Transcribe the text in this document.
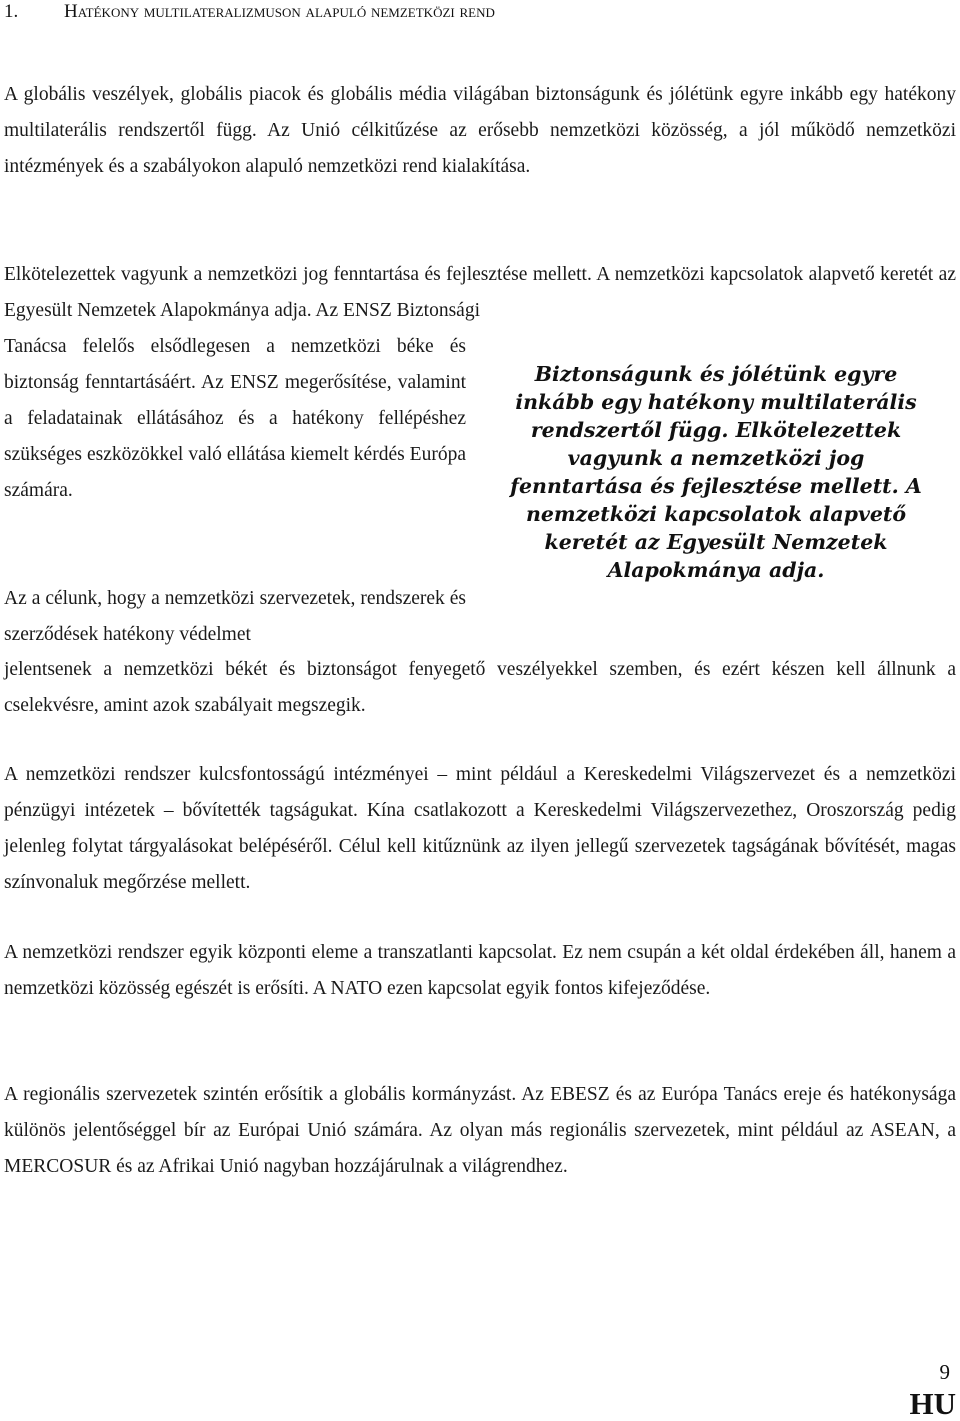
1. Hatékony multilateralizmuson alapuló nemzetközi rend

A globális veszélyek, globális piacok és globális média világában biztonságunk és jólétünk egyre inkább egy hatékony multilaterális rendszertől függ. Az Unió célkitűzése az erősebb nemzetközi közösség, a jól működő nemzetközi intézmények és a szabályokon alapuló nemzetközi rend kialakítása.

Elkötelezettek vagyunk a nemzetközi jog fenntartása és fejlesztése mellett. A nemzetközi kapcsolatok alapvető keretét az Egyesült Nemzetek Alapokmánya adja. Az ENSZ Biztonsági

Tanácsa felelős elsődlegesen a nemzetközi béke és biztonság fenntartásáért. Az ENSZ megerősítése, valamint a feladatainak ellátásához és a hatékony fellépéshez szükséges eszközökkel való ellátása kiemelt kérdés Európa számára.

Az a célunk, hogy a nemzetközi szervezetek, rendszerek és szerződések hatékony védelmet

jelentsenek a nemzetközi békét és biztonságot fenyegető veszélyekkel szemben, és ezért készen kell állnunk a cselekvésre, amint azok szabályait megszegik.

A nemzetközi rendszer kulcsfontosságú intézményei – mint például a Kereskedelmi Világszervezet és a nemzetközi pénzügyi intézetek – bővítették tagságukat. Kína csatlakozott a Kereskedelmi Világszervezethez, Oroszország pedig jelenleg folytat tárgyalásokat belépéséről. Célul kell kitűznünk az ilyen jellegű szervezetek tagságának bővítését, magas színvonaluk megőrzése mellett.

A nemzetközi rendszer egyik központi eleme a transzatlanti kapcsolat. Ez nem csupán a két oldal érdekében áll, hanem a nemzetközi közösség egészét is erősíti. A NATO ezen kapcsolat egyik fontos kifejeződése.

A regionális szervezetek szintén erősítik a globális kormányzást. Az EBESZ és az Európa Tanács ereje és hatékonysága különös jelentőséggel bír az Európai Unió számára. Az olyan más regionális szervezetek, mint például az ASEAN, a MERCOSUR és az Afrikai Unió nagyban hozzájárulnak a világrendhez.

Biztonságunk és jólétünk egyre inkább egy hatékony multilaterális rendszertől függ. Elkötelezettek vagyunk a nemzetközi jog fenntartása és fejlesztése mellett. A nemzetközi kapcsolatok alapvető keretét az Egyesült Nemzetek Alapokmánya adja.

9
HU
